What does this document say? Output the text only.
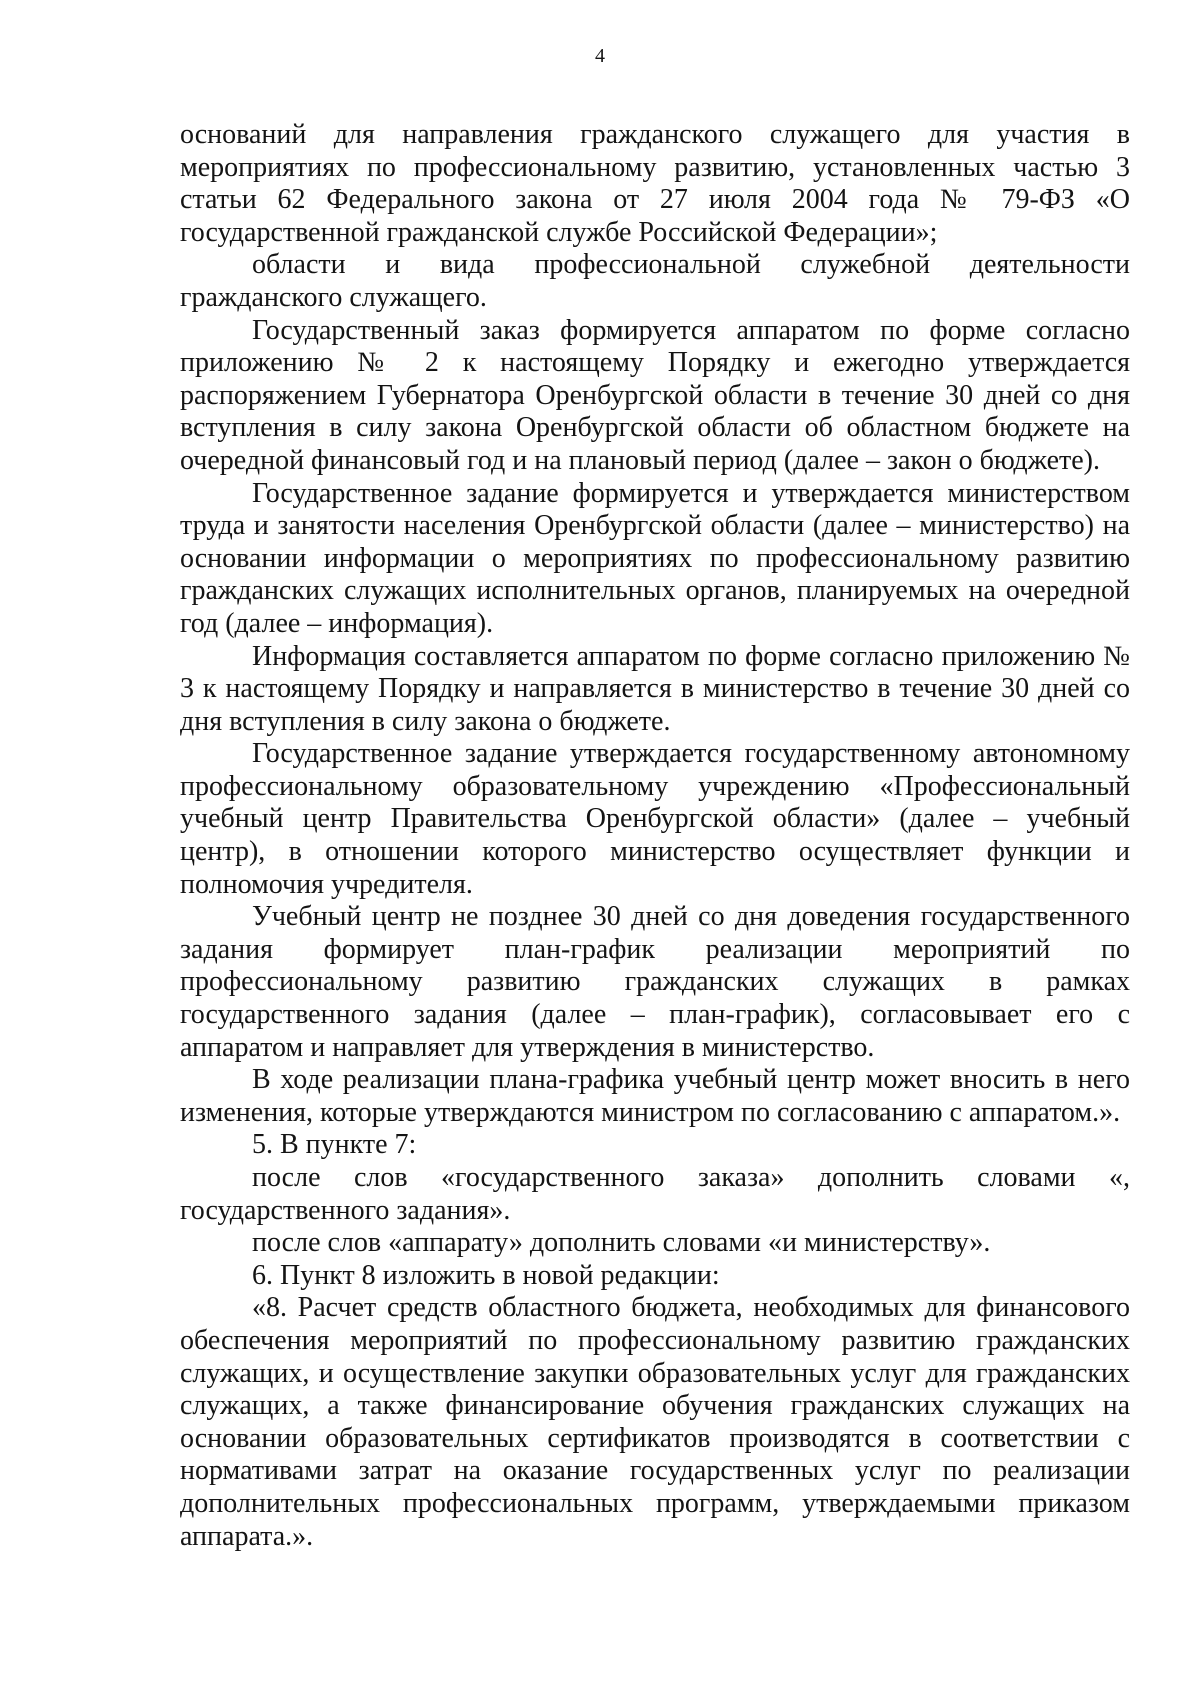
4

оснований для направления гражданского служащего для участия в мероприятиях по профессиональному развитию, установленных частью 3 статьи 62 Федерального закона от 27 июля 2004 года № 79-ФЗ «О государственной гражданской службе Российской Федерации»;

области и вида профессиональной служебной деятельности гражданского служащего.

Государственный заказ формируется аппаратом по форме согласно приложению № 2 к настоящему Порядку и ежегодно утверждается распоряжением Губернатора Оренбургской области в течение 30 дней со дня вступления в силу закона Оренбургской области об областном бюджете на очередной финансовый год и на плановый период (далее – закон о бюджете).

Государственное задание формируется и утверждается министерством труда и занятости населения Оренбургской области (далее – министерство) на основании информации о мероприятиях по профессиональному развитию гражданских служащих исполнительных органов, планируемых на очередной год (далее – информация).

Информация составляется аппаратом по форме согласно приложению № 3 к настоящему Порядку и направляется в министерство в течение 30 дней со дня вступления в силу закона о бюджете.

Государственное задание утверждается государственному автономному профессиональному образовательному учреждению «Профессиональный учебный центр Правительства Оренбургской области» (далее – учебный центр), в отношении которого министерство осуществляет функции и полномочия учредителя.

Учебный центр не позднее 30 дней со дня доведения государственного задания формирует план-график реализации мероприятий по профессиональному развитию гражданских служащих в рамках государственного задания (далее – план-график), согласовывает его с аппаратом и направляет для утверждения в министерство.

В ходе реализации плана-графика учебный центр может вносить в него изменения, которые утверждаются министром по согласованию с аппаратом.».

5. В пункте 7:

после слов «государственного заказа» дополнить словами «, государственного задания».

после слов «аппарату» дополнить словами «и министерству».

6. Пункт 8 изложить в новой редакции:

«8. Расчет средств областного бюджета, необходимых для финансового обеспечения мероприятий по профессиональному развитию гражданских служащих, и осуществление закупки образовательных услуг для гражданских служащих, а также финансирование обучения гражданских служащих на основании образовательных сертификатов производятся в соответствии с нормативами затрат на оказание государственных услуг по реализации дополнительных профессиональных программ, утверждаемыми приказом аппарата.».
